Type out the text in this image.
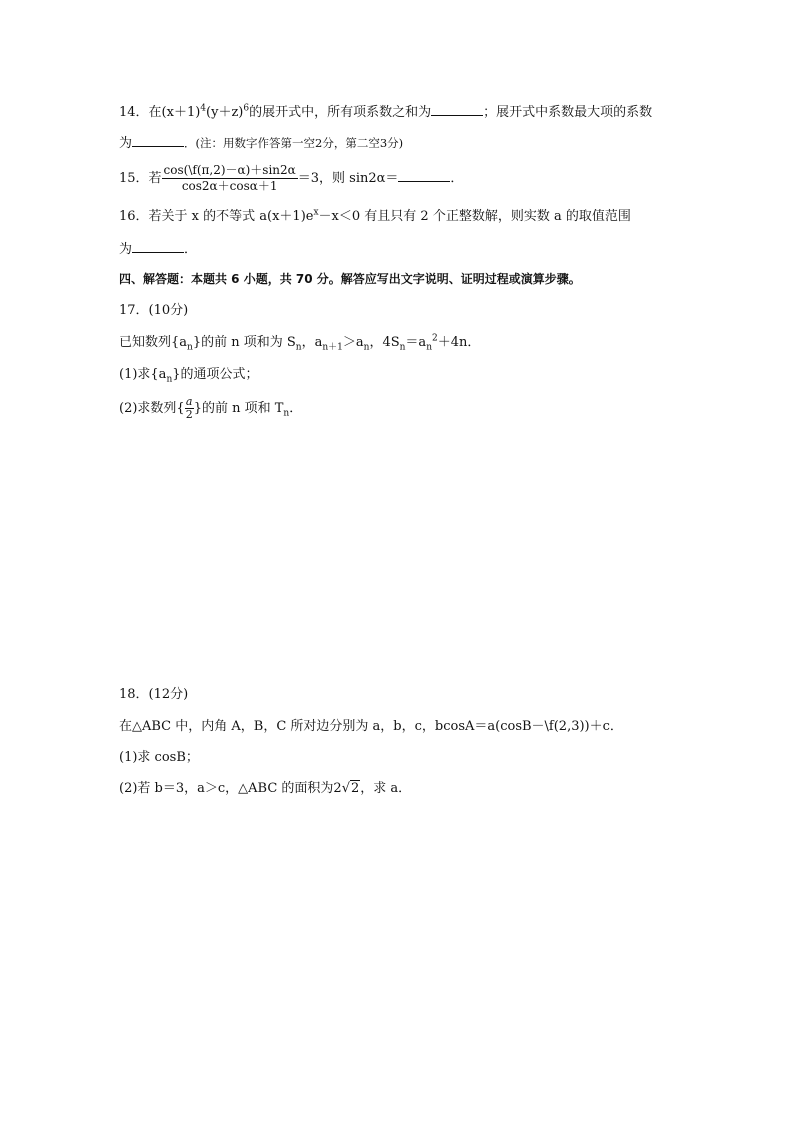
14．在$(x+1)^4(y+z)^6$的展开式中，所有项系数之和为	；展开式中系数最大项的系数
为	．(注：用数字作答第一空2分，第二空3分)
15．若 $\frac{\cos(\backslash f(\pi,2)-\alpha)+\sin 2\alpha}{\cos 2\alpha+\cos\alpha+1} =3$，则 sin2α＝	．
16．若关于 x 的不等式 $a(x+1)e^x-x<0$ 有且只有 2 个正整数解，则实数 a 的取值范围
为	．
四、解答题：本题共 6 小题，共 70 分。解答应写出文字说明、证明过程或演算步骤。
17．(10分)
已知数列$\{a_n\}$的前 n 项和为 $S_n$，$a_{n+1}>a_n$，$4S_n=a_n^2+4n$．
(1)求$\{a_n\}$的通项公式；
(2)求数列{ $\frac{a}{2}$ }的前 n 项和 $T_n$．
18．(12分)
在△ABC 中，内角 A，B，C 所对边分别为 a，b，c，bcosA＝a(cosB－\f(2,3))＋c．
(1)求 cosB；
(2)若 b＝3，a＞c，△ABC 的面积为2√2，求 a．
